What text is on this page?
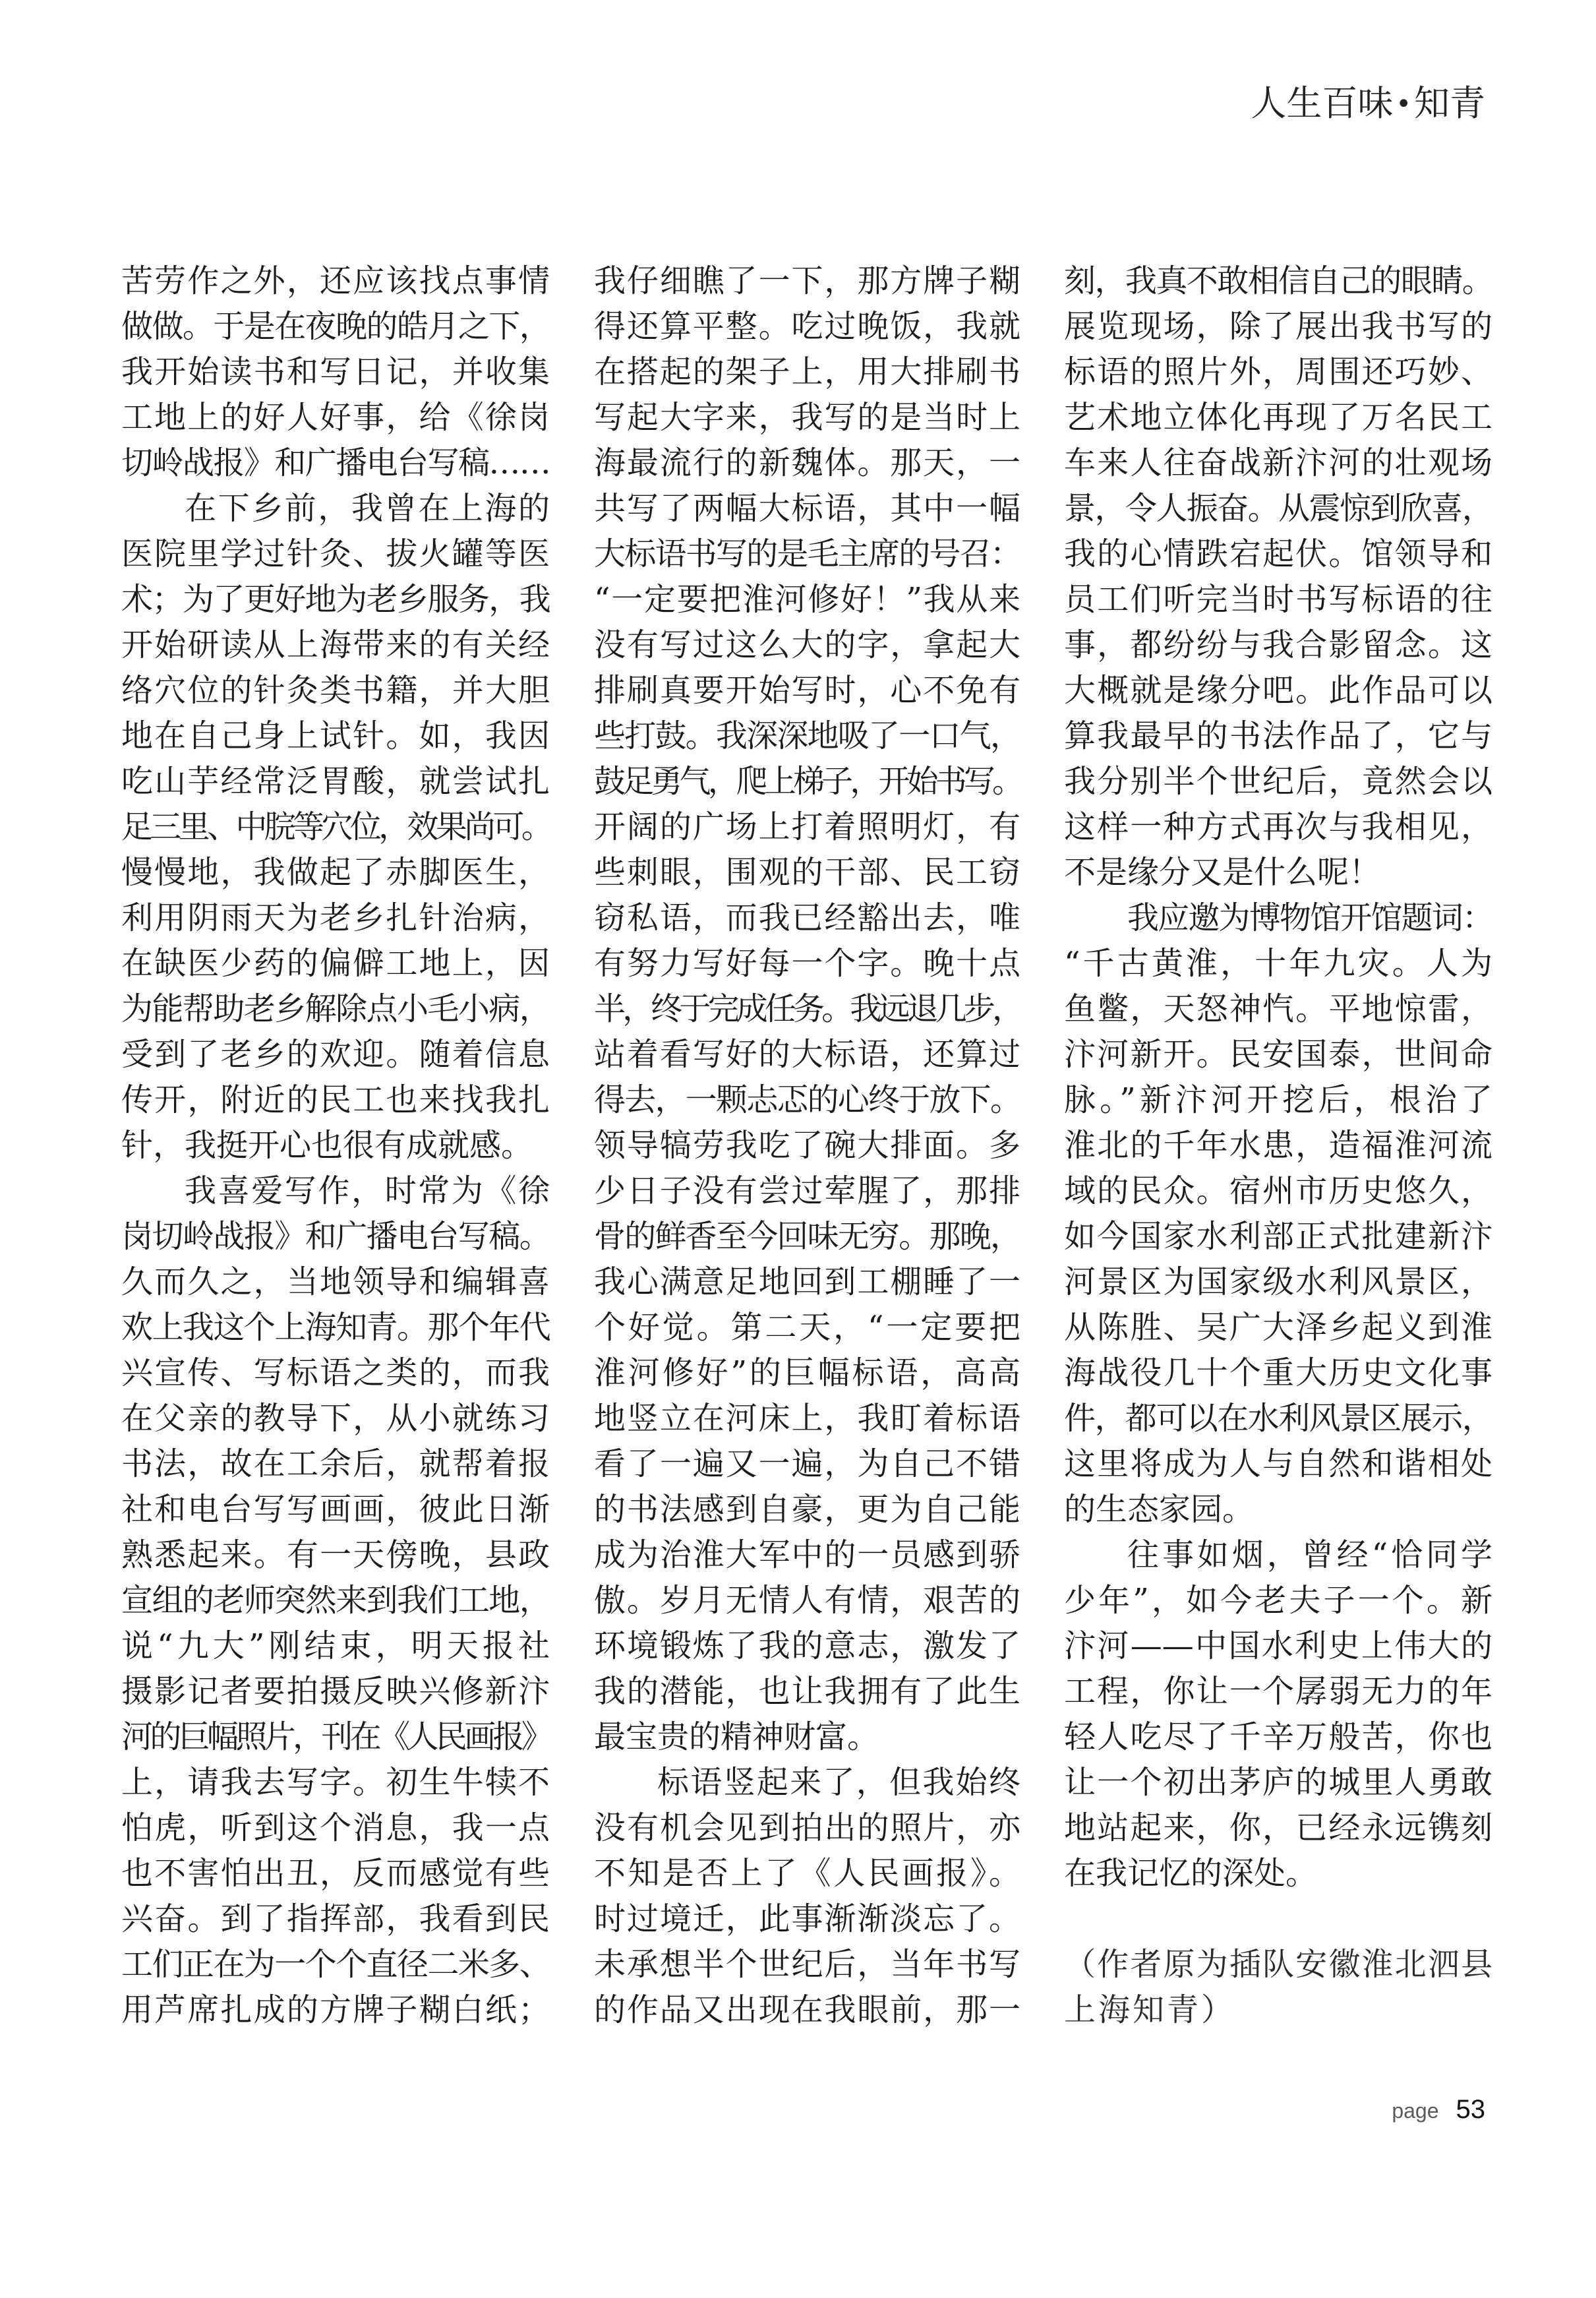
人生百味 •知青
苦劳作之外，还应该找点事情
做做。于是在夜晚的皓月之下，
我开始读书和写日记，并收集
工地上的好人好事，给《徐岗
切岭战报》和广播电台写稿……
在下乡前，我曾在上海的
医院里学过针灸、拔火罐等医
术；为了更好地为老乡服务，我
开始研读从上海带来的有关经
络穴位的针灸类书籍，并大胆
地在自己身上试针。如，我因
吃山芋经常泛胃酸，就尝试扎
足三里、中脘等穴位，效果尚可。
慢慢地，我做起了赤脚医生，
利用阴雨天为老乡扎针治病，
在缺医少药的偏僻工地上，因
为能帮助老乡解除点小毛小病，
受到了老乡的欢迎。随着信息
传开，附近的民工也来找我扎
针，我挺开心也很有成就感。
我喜爱写作，时常为《徐
岗切岭战报》和广播电台写稿。
久而久之，当地领导和编辑喜
欢上我这个上海知青。那个年代
兴宣传、写标语之类的，而我
在父亲的教导下，从小就练习
书法，故在工余后，就帮着报
社和电台写写画画，彼此日渐
熟悉起来。有一天傍晚，县政
宣组的老师突然来到我们工地，
说“九大”刚结束，明天报社
摄影记者要拍摄反映兴修新汴
河的巨幅照片，刊在《人民画报》
上，请我去写字。初生牛犊不
怕虎，听到这个消息，我一点
也不害怕出丑，反而感觉有些
兴奋。到了指挥部，我看到民
工们正在为一个个直径二米多、
用芦席扎成的方牌子糊白纸；
我仔细瞧了一下，那方牌子糊
得还算平整。吃过晚饭，我就
在搭起的架子上，用大排刷书
写起大字来，我写的是当时上
海最流行的新魏体。那天，一
共写了两幅大标语，其中一幅
大标语书写的是毛主席的号召：
“一定要把淮河修好！”我从来
没有写过这么大的字，拿起大
排刷真要开始写时，心不免有
些打鼓。我深深地吸了一口气，
鼓足勇气，爬上梯子，开始书写。
开阔的广场上打着照明灯，有
些刺眼，围观的干部、民工窃
窃私语，而我已经豁出去，唯
有努力写好每一个字。晚十点
半，终于完成任务。我远退几步，
站着看写好的大标语，还算过
得去，一颗忐忑的心终于放下。
领导犒劳我吃了碗大排面。多
少日子没有尝过荤腥了，那排
骨的鲜香至今回味无穷。那晚，
我心满意足地回到工棚睡了一
个好觉。第二天，“一定要把
淮河修好”的巨幅标语，高高
地竖立在河床上，我盯着标语
看了一遍又一遍，为自己不错
的书法感到自豪，更为自己能
成为治淮大军中的一员感到骄
傲。岁月无情人有情，艰苦的
环境锻炼了我的意志，激发了
我的潜能，也让我拥有了此生
最宝贵的精神财富。
标语竖起来了，但我始终
没有机会见到拍出的照片，亦
不知是否上了《人民画报》。
时过境迁，此事渐渐淡忘了。
未承想半个世纪后，当年书写
的作品又出现在我眼前，那一
刻，我真不敢相信自己的眼睛。
展览现场，除了展出我书写的
标语的照片外，周围还巧妙、
艺术地立体化再现了万名民工
车来人往奋战新汴河的壮观场
景，令人振奋。从震惊到欣喜，
我的心情跌宕起伏。馆领导和
员工们听完当时书写标语的往
事，都纷纷与我合影留念。这
大概就是缘分吧。此作品可以
算我最早的书法作品了，它与
我分别半个世纪后，竟然会以
这样一种方式再次与我相见，
不是缘分又是什么呢！
我应邀为博物馆开馆题词：
“千古黄淮，十年九灾。人为
鱼鳖，天怒神忾。平地惊雷，
汴河新开。民安国泰，世间命
脉。”新汴河开挖后，根治了
淮北的千年水患，造福淮河流
域的民众。宿州市历史悠久，
如今国家水利部正式批建新汴
河景区为国家级水利风景区，
从陈胜、吴广大泽乡起义到淮
海战役几十个重大历史文化事
件，都可以在水利风景区展示，
这里将成为人与自然和谐相处
的生态家园。
往事如烟，曾经“恰同学
少年”，如今老夫子一个。新
汴河——中国水利史上伟大的
工程，你让一个孱弱无力的年
轻人吃尽了千辛万般苦，你也
让一个初出茅庐的城里人勇敢
地站起来，你，已经永远镌刻
在我记忆的深处。
（作者原为插队安徽淮北泗县
上海知青）
page 53
